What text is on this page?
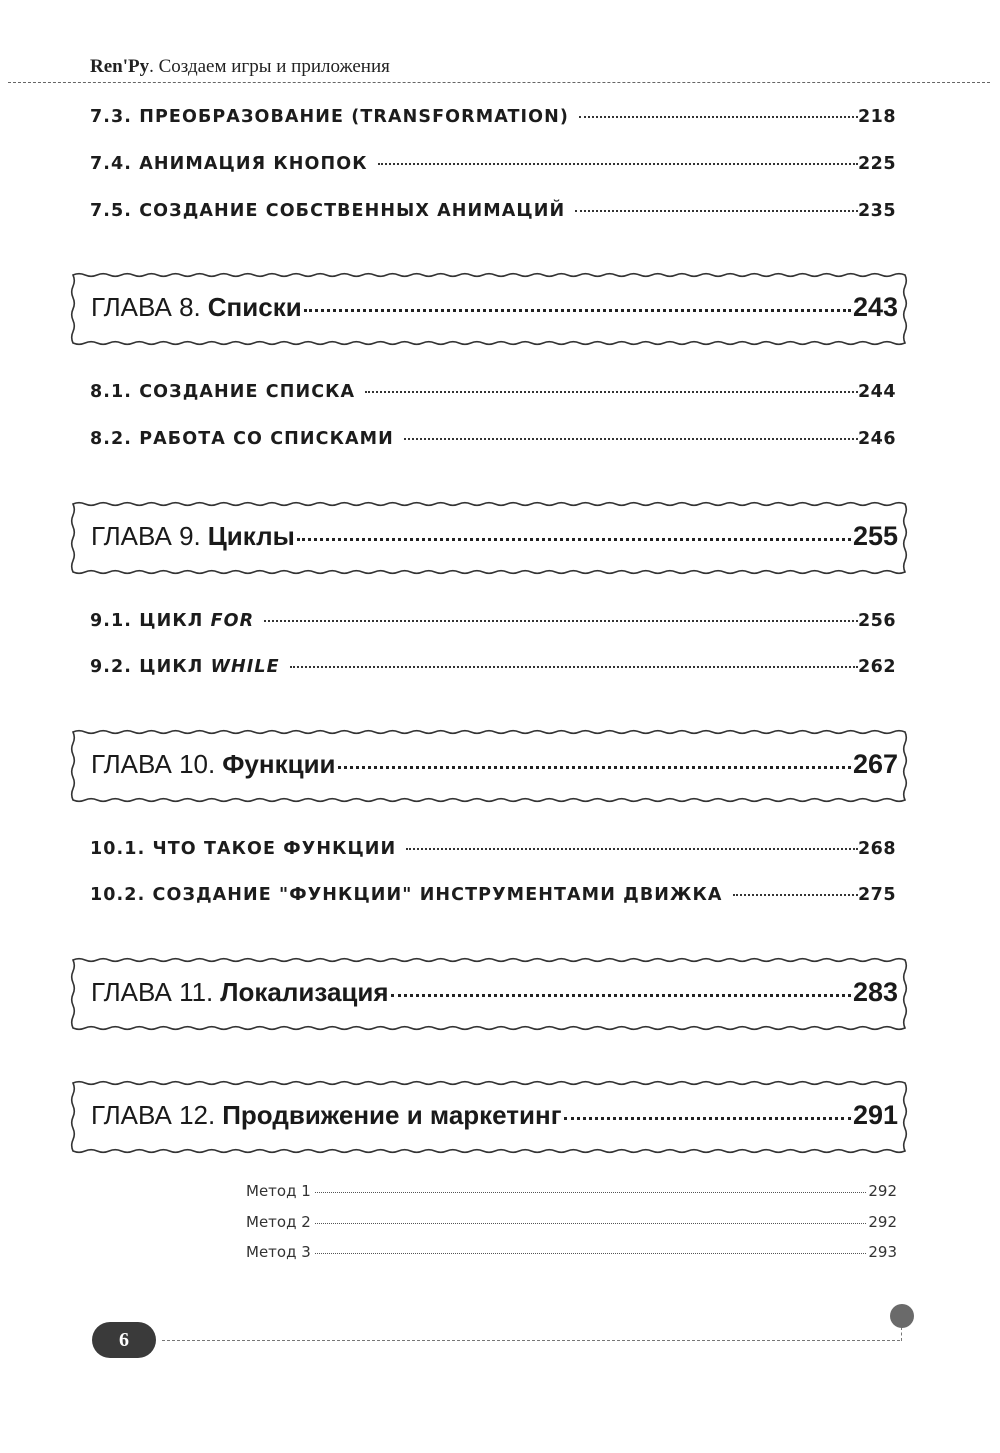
Ren'Py. Создаем игры и приложения
7.3. ПРЕОБРАЗОВАНИЕ (TRANSFORMATION)	218
7.4. АНИМАЦИЯ КНОПОК	225
7.5. СОЗДАНИЕ СОБСТВЕННЫХ АНИМАЦИЙ	235
ГЛАВА 8. Списки	243
8.1. СОЗДАНИЕ СПИСКА	244
8.2. РАБОТА СО СПИСКАМИ	246
ГЛАВА 9. Циклы	255
9.1. ЦИКЛ FOR	256
9.2. ЦИКЛ WHILE	262
ГЛАВА 10. Функции	267
10.1. ЧТО ТАКОЕ ФУНКЦИИ	268
10.2. СОЗДАНИЕ "ФУНКЦИИ" ИНСТРУМЕНТАМИ ДВИЖКА	275
ГЛАВА 11. Локализация	283
ГЛАВА 12. Продвижение и маркетинг	291
Метод 1	292
Метод 2	292
Метод 3	293
6
